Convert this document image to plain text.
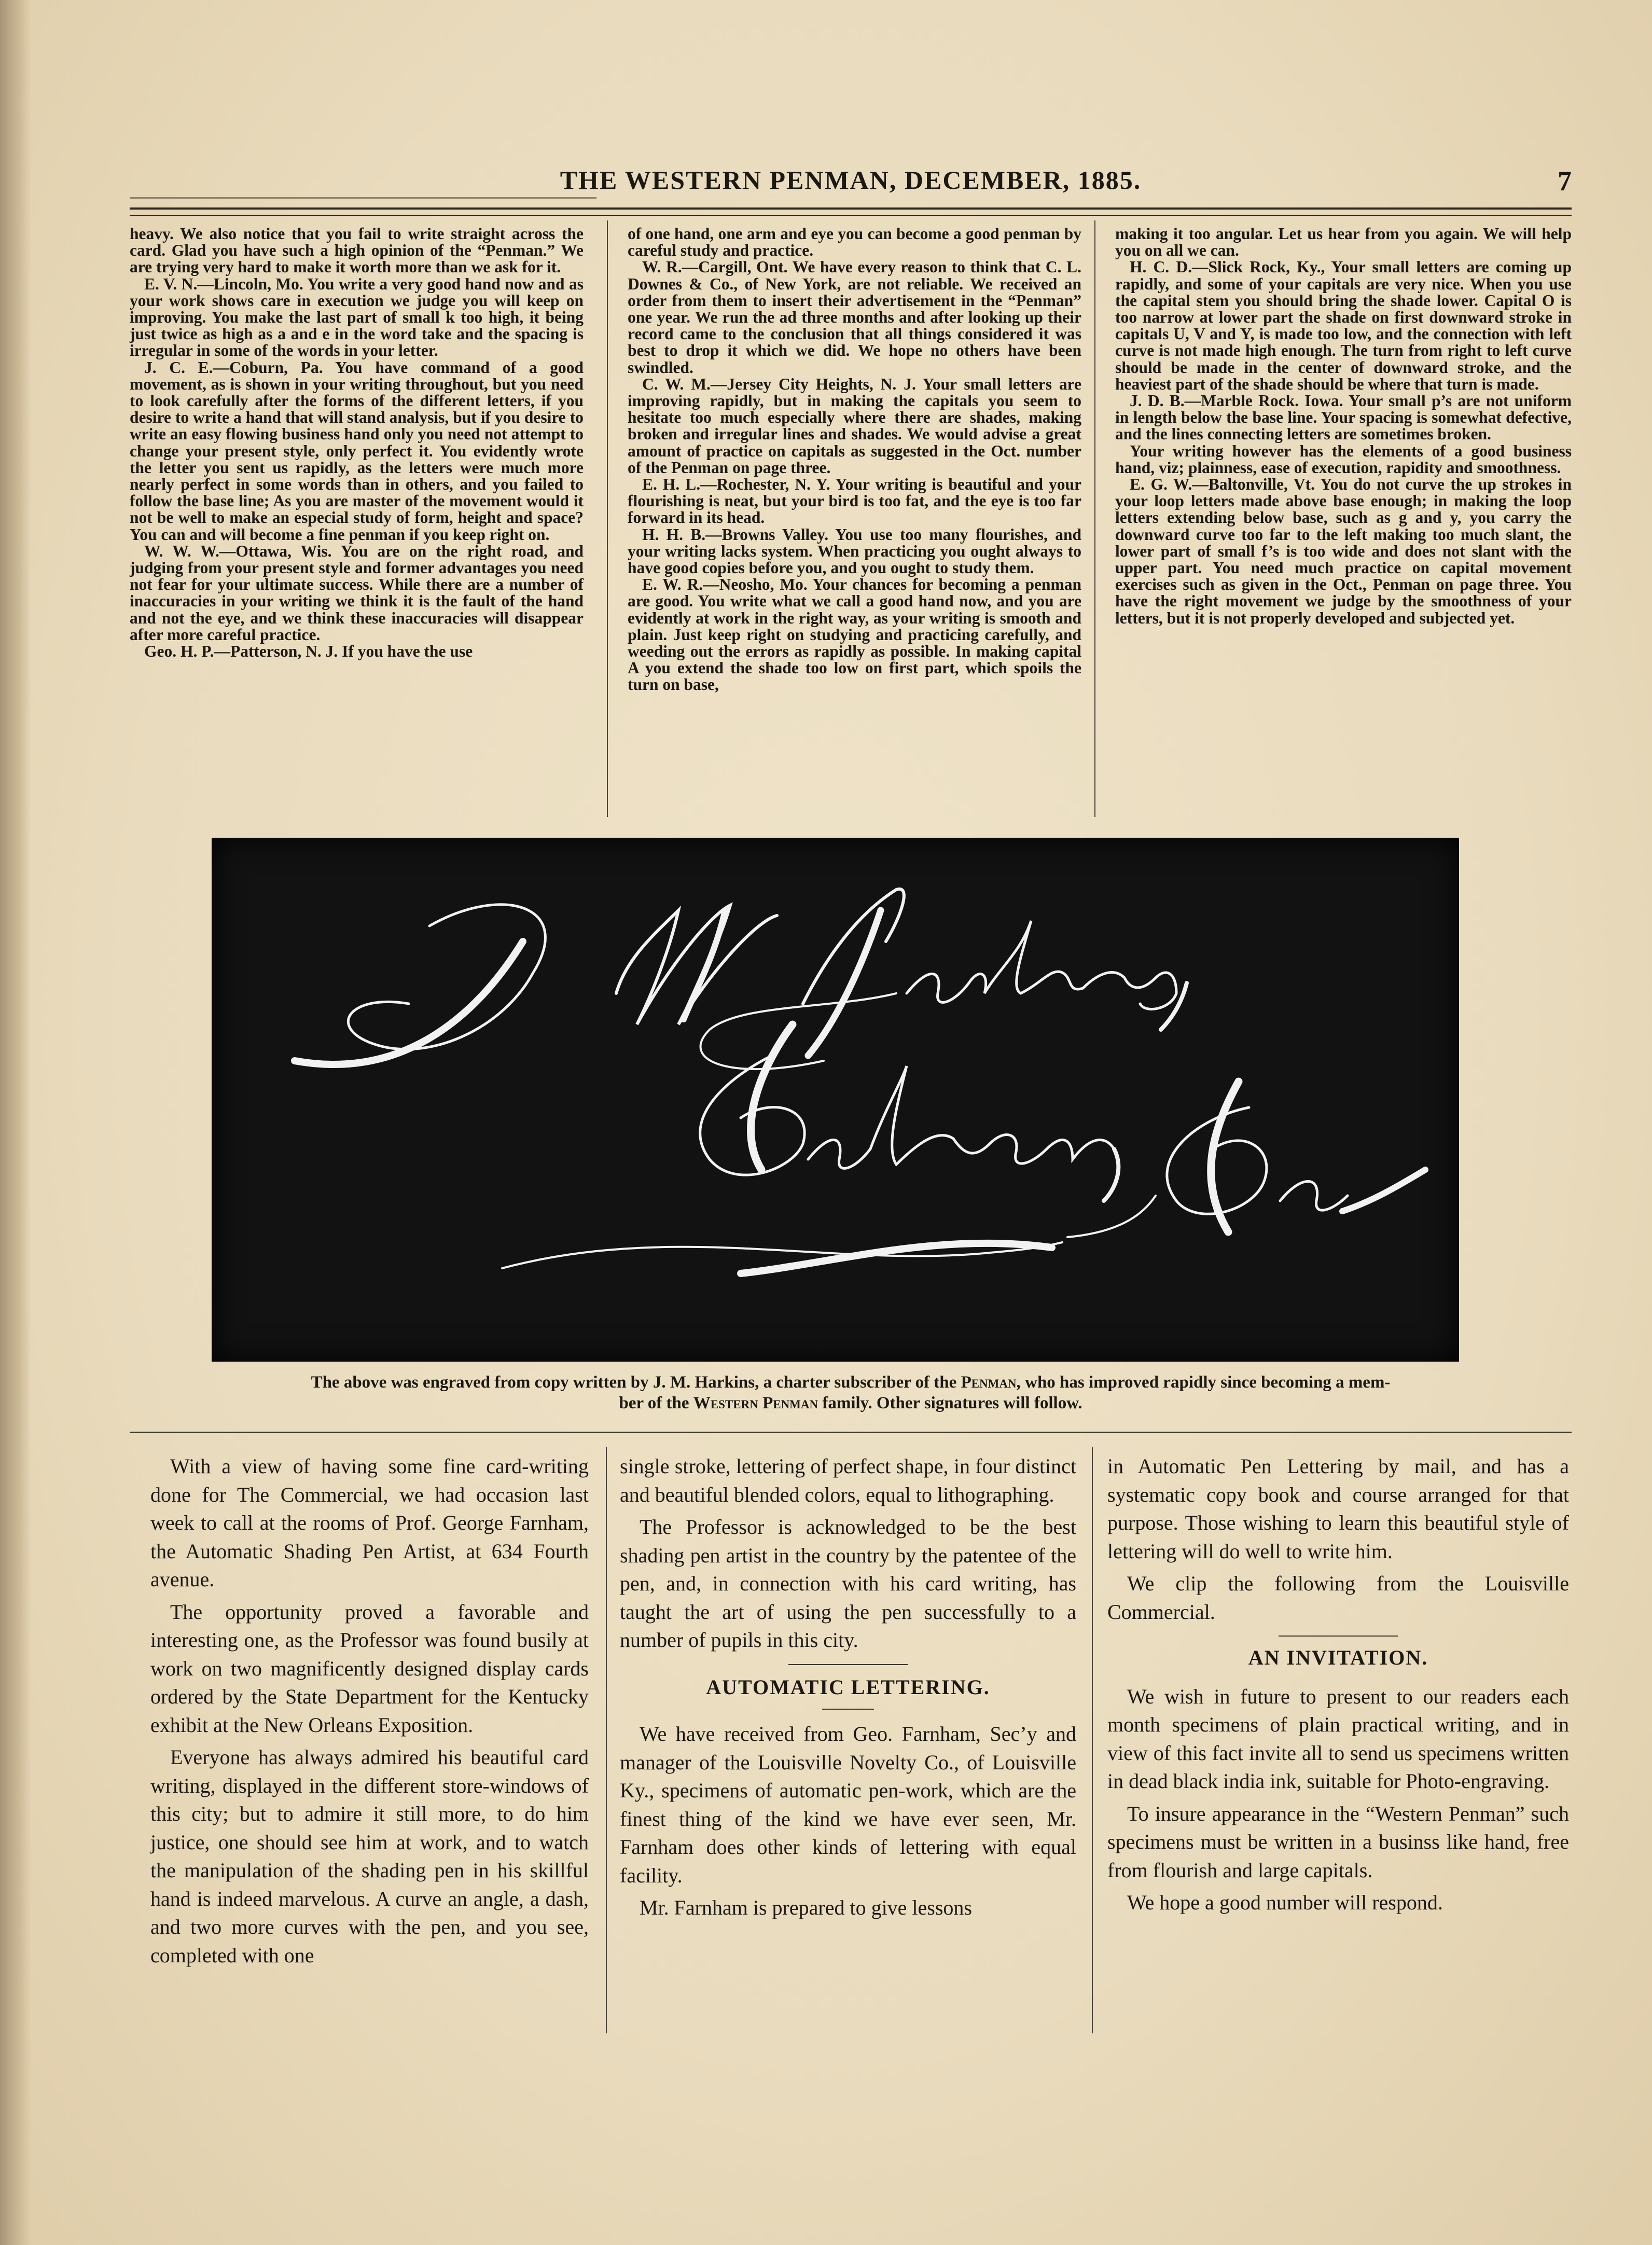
THE WESTERN PENMAN, DECEMBER, 1885.	7

heavy. We also notice that you fail to write straight across the card. Glad you have such a high opinion of the “Penman.” We are trying very hard to make it worth more than we ask for it.

E. V. N.—Lincoln, Mo. You write a very good hand now and as your work shows care in execution we judge you will keep on improving. You make the last part of small k too high, it being just twice as high as a and e in the word take and the spacing is irregular in some of the words in your letter.

J. C. E.—Coburn, Pa. You have command of a good movement, as is shown in your writing throughout, but you need to look carefully after the forms of the different letters, if you desire to write a hand that will stand analysis, but if you desire to write an easy flowing business hand only you need not attempt to change your present style, only perfect it. You evidently wrote the letter you sent us rapidly, as the letters were much more nearly perfect in some words than in others, and you failed to follow the base line; As you are master of the movement would it not be well to make an especial study of form, height and space? You can and will become a fine penman if you keep right on.

W. W. W.—Ottawa, Wis. You are on the right road, and judging from your present style and former advantages you need not fear for your ultimate success. While there are a number of inaccuracies in your writing we think it is the fault of the hand and not the eye, and we think these inaccuracies will disappear after more careful practice.

Geo. H. P.—Patterson, N. J. If you have the use

of one hand, one arm and eye you can become a good penman by careful study and practice.

W. R.—Cargill, Ont. We have every reason to think that C. L. Downes & Co., of New York, are not reliable. We received an order from them to insert their advertisement in the “Penman” one year. We run the ad three months and after looking up their record came to the conclusion that all things considered it was best to drop it which we did. We hope no others have been swindled.

C. W. M.—Jersey City Heights, N. J. Your small letters are improving rapidly, but in making the capitals you seem to hesitate too much especially where there are shades, making broken and irregular lines and shades. We would advise a great amount of practice on capitals as suggested in the Oct. number of the Penman on page three.

E. H. L.—Rochester, N. Y. Your writing is beautiful and your flourishing is neat, but your bird is too fat, and the eye is too far forward in its head.

H. H. B.—Browns Valley. You use too many flourishes, and your writing lacks system. When practicing you ought always to have good copies before you, and you ought to study them.

E. W. R.—Neosho, Mo. Your chances for becoming a penman are good. You write what we call a good hand now, and you are evidently at work in the right way, as your writing is smooth and plain. Just keep right on studying and practicing carefully, and weeding out the errors as rapidly as possible. In making capital A you extend the shade too low on first part, which spoils the turn on base,

making it too angular. Let us hear from you again. We will help you on all we can.

H. C. D.—Slick Rock, Ky., Your small letters are coming up rapidly, and some of your capitals are very nice. When you use the capital stem you should bring the shade lower. Capital O is too narrow at lower part the shade on first downward stroke in capitals U, V and Y, is made too low, and the connection with left curve is not made high enough. The turn from right to left curve should be made in the center of downward stroke, and the heaviest part of the shade should be where that turn is made.

J. D. B.—Marble Rock. Iowa. Your small p’s are not uniform in length below the base line. Your spacing is somewhat defective, and the lines connecting letters are sometimes broken.

Your writing however has the elements of a good business hand, viz; plainness, ease of execution, rapidity and smoothness.

E. G. W.—Baltonville, Vt. You do not curve the up strokes in your loop letters made above base enough; in making the loop letters extending below base, such as g and y, you carry the downward curve too far to the left making too much slant, the lower part of small f’s is too wide and does not slant with the upper part. You need much practice on capital movement exercises such as given in the Oct., Penman on page three. You have the right movement we judge by the smoothness of your letters, but it is not properly developed and subjected yet.

J. M. Harkins, Calhoun, Ga.
The above was engraved from copy written by J. M. Harkins, a charter subscriber of the Penman, who has improved rapidly since becoming a mem-
ber of the Western Penman family. Other signatures will follow.

With a view of having some fine card-writing done for The Commercial, we had occasion last week to call at the rooms of Prof. George Farnham, the Automatic Shading Pen Artist, at 634 Fourth avenue.

The opportunity proved a favorable and interesting one, as the Professor was found busily at work on two magnificently designed display cards ordered by the State Department for the Kentucky exhibit at the New Orleans Exposition.

Everyone has always admired his beautiful card writing, displayed in the different store-windows of this city; but to admire it still more, to do him justice, one should see him at work, and to watch the manipulation of the shading pen in his skillful hand is indeed marvelous. A curve an angle, a dash, and two more curves with the pen, and you see, completed with one

single stroke, lettering of perfect shape, in four distinct and beautiful blended colors, equal to lithographing.

The Professor is acknowledged to be the best shading pen artist in the country by the patentee of the pen, and, in connection with his card writing, has taught the art of using the pen successfully to a number of pupils in this city.

AUTOMATIC LETTERING.

We have received from Geo. Farnham, Sec’y and manager of the Louisville Novelty Co., of Louisville Ky., specimens of automatic pen-work, which are the finest thing of the kind we have ever seen, Mr. Farnham does other kinds of lettering with equal facility.

Mr. Farnham is prepared to give lessons

in Automatic Pen Lettering by mail, and has a systematic copy book and course arranged for that purpose. Those wishing to learn this beautiful style of lettering will do well to write him.

We clip the following from the Louisville Commercial.

AN INVITATION.

We wish in future to present to our readers each month specimens of plain practical writing, and in view of this fact invite all to send us specimens written in dead black india ink, suitable for Photo-engraving.

To insure appearance in the “Western Penman” such specimens must be written in a businss like hand, free from flourish and large capitals.

We hope a good number will respond.
